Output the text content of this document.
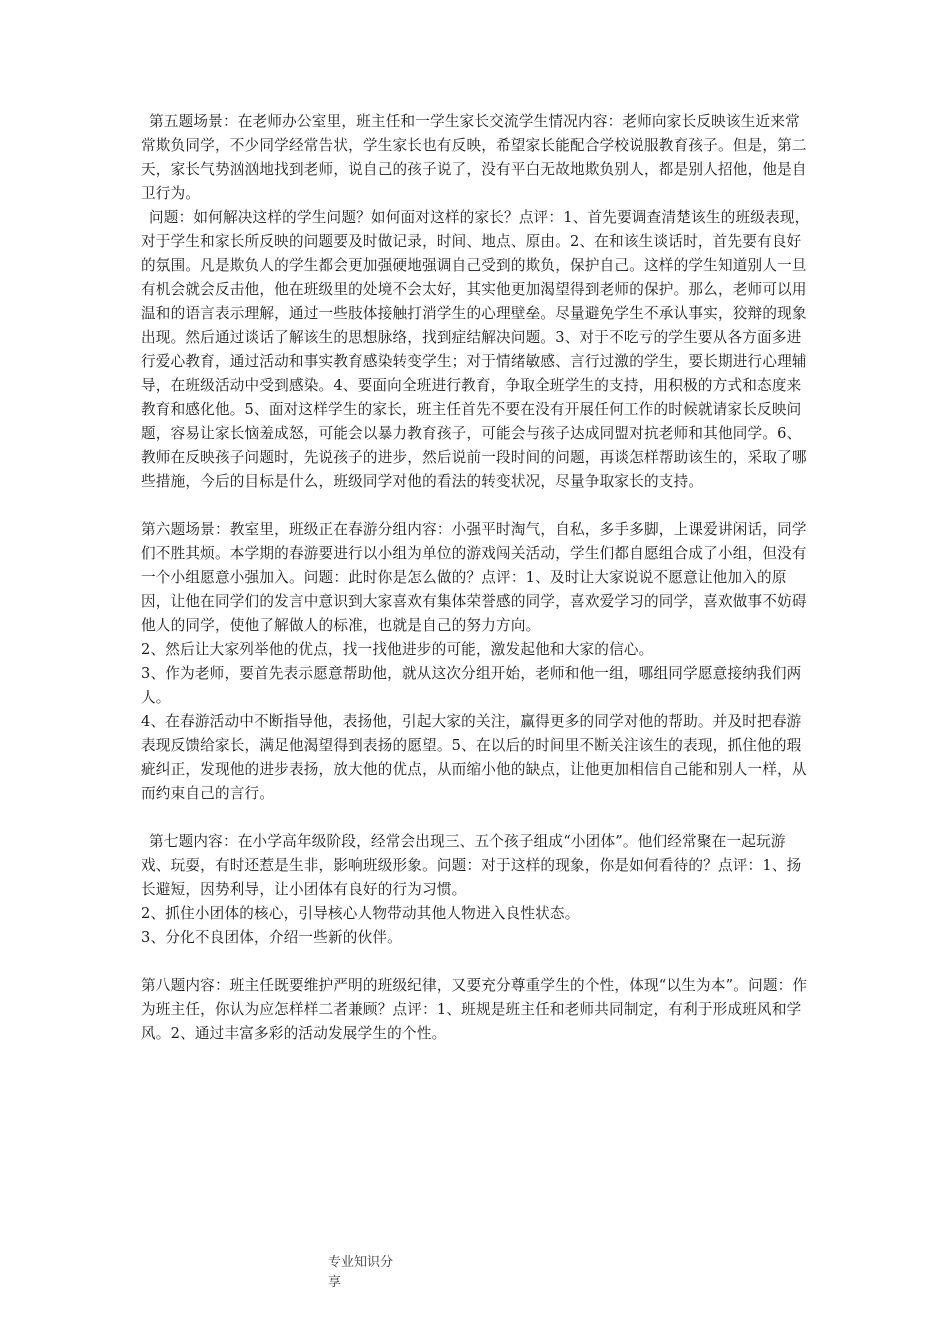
第五题场景：在老师办公室里，班主任和一学生家长交流学生情况内容：老师向家长反映该生近来常常欺负同学，不少同学经常告状，学生家长也有反映，希望家长能配合学校说服教育孩子。但是，第二天，家长气势汹汹地找到老师，说自己的孩子说了，没有平白无故地欺负别人，都是别人招他，他是自卫行为。

问题：如何解决这样的学生问题？如何面对这样的家长？点评：1、首先要调查清楚该生的班级表现，对于学生和家长所反映的问题要及时做记录，时间、地点、原由。2、在和该生谈话时，首先要有良好的氛围。凡是欺负人的学生都会更加强硬地强调自己受到的欺负，保护自己。这样的学生知道别人一旦有机会就会反击他，他在班级里的处境不会太好，其实他更加渴望得到老师的保护。那么，老师可以用温和的语言表示理解，通过一些肢体接触打消学生的心理壁垒。尽量避免学生不承认事实，狡辩的现象出现。然后通过谈话了解该生的思想脉络，找到症结解决问题。3、对于不吃亏的学生要从各方面多进行爱心教育，通过活动和事实教育感染转变学生；对于情绪敏感、言行过激的学生，要长期进行心理辅导，在班级活动中受到感染。4、要面向全班进行教育，争取全班学生的支持，用积极的方式和态度来教育和感化他。5、面对这样学生的家长，班主任首先不要在没有开展任何工作的时候就请家长反映问题，容易让家长恼羞成怒，可能会以暴力教育孩子，可能会与孩子达成同盟对抗老师和其他同学。6、教师在反映孩子问题时，先说孩子的进步，然后说前一段时间的问题，再谈怎样帮助该生的，采取了哪些措施，今后的目标是什么，班级同学对他的看法的转变状况，尽量争取家长的支持。

第六题场景：教室里，班级正在春游分组内容：小强平时淘气，自私，多手多脚，上课爱讲闲话，同学们不胜其烦。本学期的春游要进行以小组为单位的游戏闯关活动，学生们都自愿组合成了小组，但没有一个小组愿意小强加入。问题：此时你是怎么做的？点评：1、及时让大家说说不愿意让他加入的原因，让他在同学们的发言中意识到大家喜欢有集体荣誉感的同学，喜欢爱学习的同学，喜欢做事不妨碍他人的同学，使他了解做人的标准，也就是自己的努力方向。

2、然后让大家列举他的优点，找一找他进步的可能，激发起他和大家的信心。

3、作为老师，要首先表示愿意帮助他，就从这次分组开始，老师和他一组，哪组同学愿意接纳我们两人。

4、在春游活动中不断指导他，表扬他，引起大家的关注，赢得更多的同学对他的帮助。并及时把春游表现反馈给家长，满足他渴望得到表扬的愿望。5、在以后的时间里不断关注该生的表现，抓住他的瑕疵纠正，发现他的进步表扬，放大他的优点，从而缩小他的缺点，让他更加相信自己能和别人一样，从而约束自己的言行。

第七题内容：在小学高年级阶段，经常会出现三、五个孩子组成“小团体”。他们经常聚在一起玩游戏、玩耍，有时还惹是生非，影响班级形象。问题：对于这样的现象，你是如何看待的？点评：1、扬长避短，因势利导，让小团体有良好的行为习惯。

2、抓住小团体的核心，引导核心人物带动其他人物进入良性状态。

3、分化不良团体，介绍一些新的伙伴。

第八题内容：班主任既要维护严明的班级纪律，又要充分尊重学生的个性，体现“以生为本”。问题：作为班主任，你认为应怎样样二者兼顾？点评：1、班规是班主任和老师共同制定，有利于形成班风和学风。2、通过丰富多彩的活动发展学生的个性。

专业知识分享
